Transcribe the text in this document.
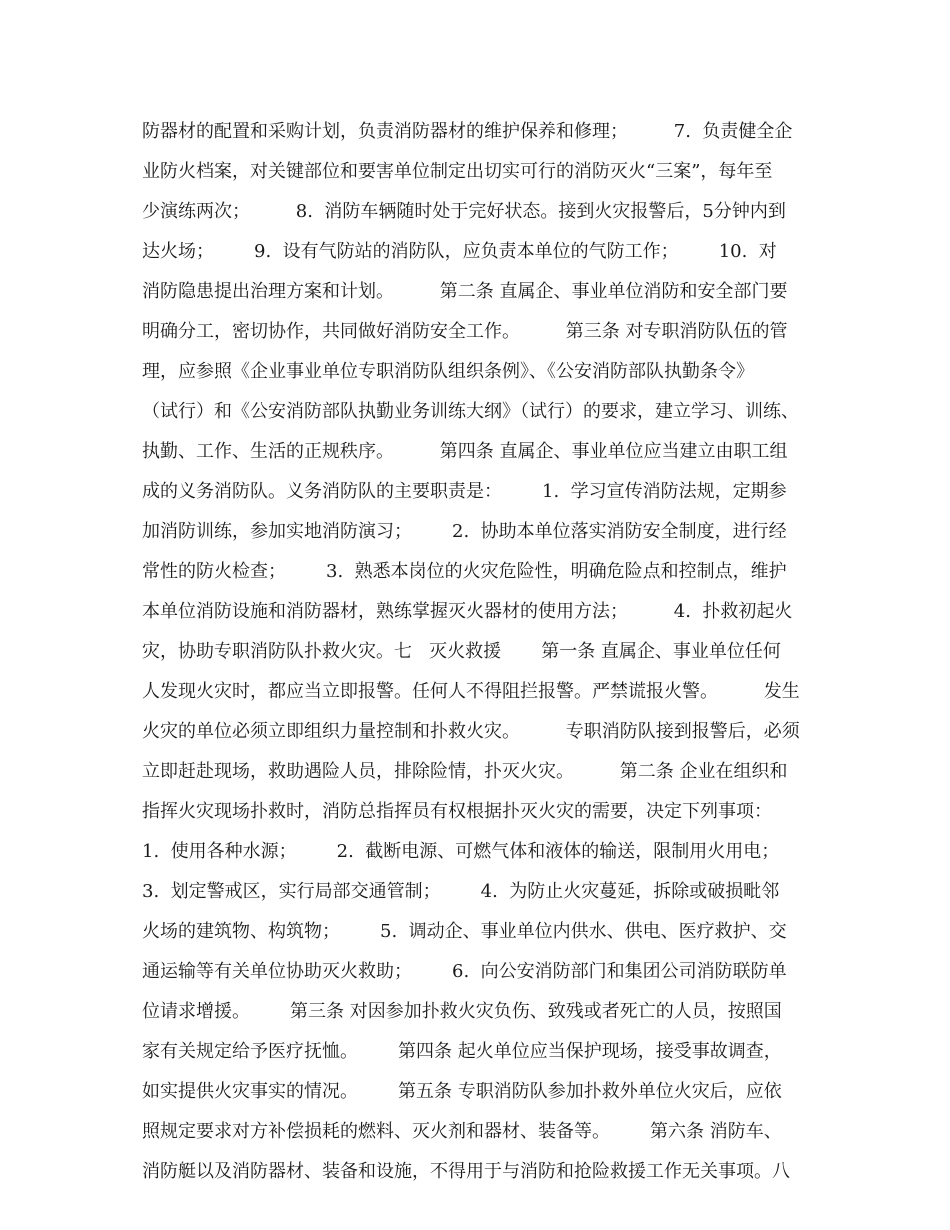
防器材的配置和采购计划，负责消防器材的维护保养和修理；        7.  负责健全企
业防火档案，对关键部位和要害单位制定出切实可行的消防灭火“三案”，每年至
少演练两次；        8.  消防车辆随时处于完好状态。接到火灾报警后，5分钟内到
达火场；       9.  设有气防站的消防队，应负责本单位的气防工作；       10.  对
消防隐患提出治理方案和计划。        第二条 直属企、事业单位消防和安全部门要
明确分工，密切协作，共同做好消防安全工作。        第三条 对专职消防队伍的管
理，应参照《企业事业单位专职消防队组织条例》、《公安消防部队执勤条令》
（试行）和《公安消防部队执勤业务训练大纲》（试行）的要求，建立学习、训练、
执勤、工作、生活的正规秩序。        第四条 直属企、事业单位应当建立由职工组
成的义务消防队。义务消防队的主要职责是：       1.  学习宣传消防法规，定期参
加消防训练，参加实地消防演习；       2.  协助本单位落实消防安全制度，进行经
常性的防火检查；       3.  熟悉本岗位的火灾危险性，明确危险点和控制点，维护
本单位消防设施和消防器材，熟练掌握灭火器材的使用方法；        4.  扑救初起火
灾，协助专职消防队扑救火灾。七   灭火救援       第一条 直属企、事业单位任何
人发现火灾时，都应当立即报警。任何人不得阻拦报警。严禁谎报火警。        发生
火灾的单位必须立即组织力量控制和扑救火灾。        专职消防队接到报警后，必须
立即赶赴现场，救助遇险人员，排除险情，扑灭火灾。        第二条 企业在组织和
指挥火灾现场扑救时，消防总指挥员有权根据扑灭火灾的需要，决定下列事项：
1.  使用各种水源；       2.  截断电源、可燃气体和液体的输送，限制用火用电；
3.  划定警戒区，实行局部交通管制；       4.  为防止火灾蔓延，拆除或破损毗邻
火场的建筑物、构筑物；       5.  调动企、事业单位内供水、供电、医疗救护、交
通运输等有关单位协助灭火救助；       6.  向公安消防部门和集团公司消防联防单
位请求增援。       第三条 对因参加扑救火灾负伤、致残或者死亡的人员，按照国
家有关规定给予医疗抚恤。       第四条 起火单位应当保护现场，接受事故调查，
如实提供火灾事实的情况。       第五条 专职消防队参加扑救外单位火灾后，应依
照规定要求对方补偿损耗的燃料、灭火剂和器材、装备等。       第六条 消防车、
消防艇以及消防器材、装备和设施，不得用于与消防和抢险救援工作无关事项。八
